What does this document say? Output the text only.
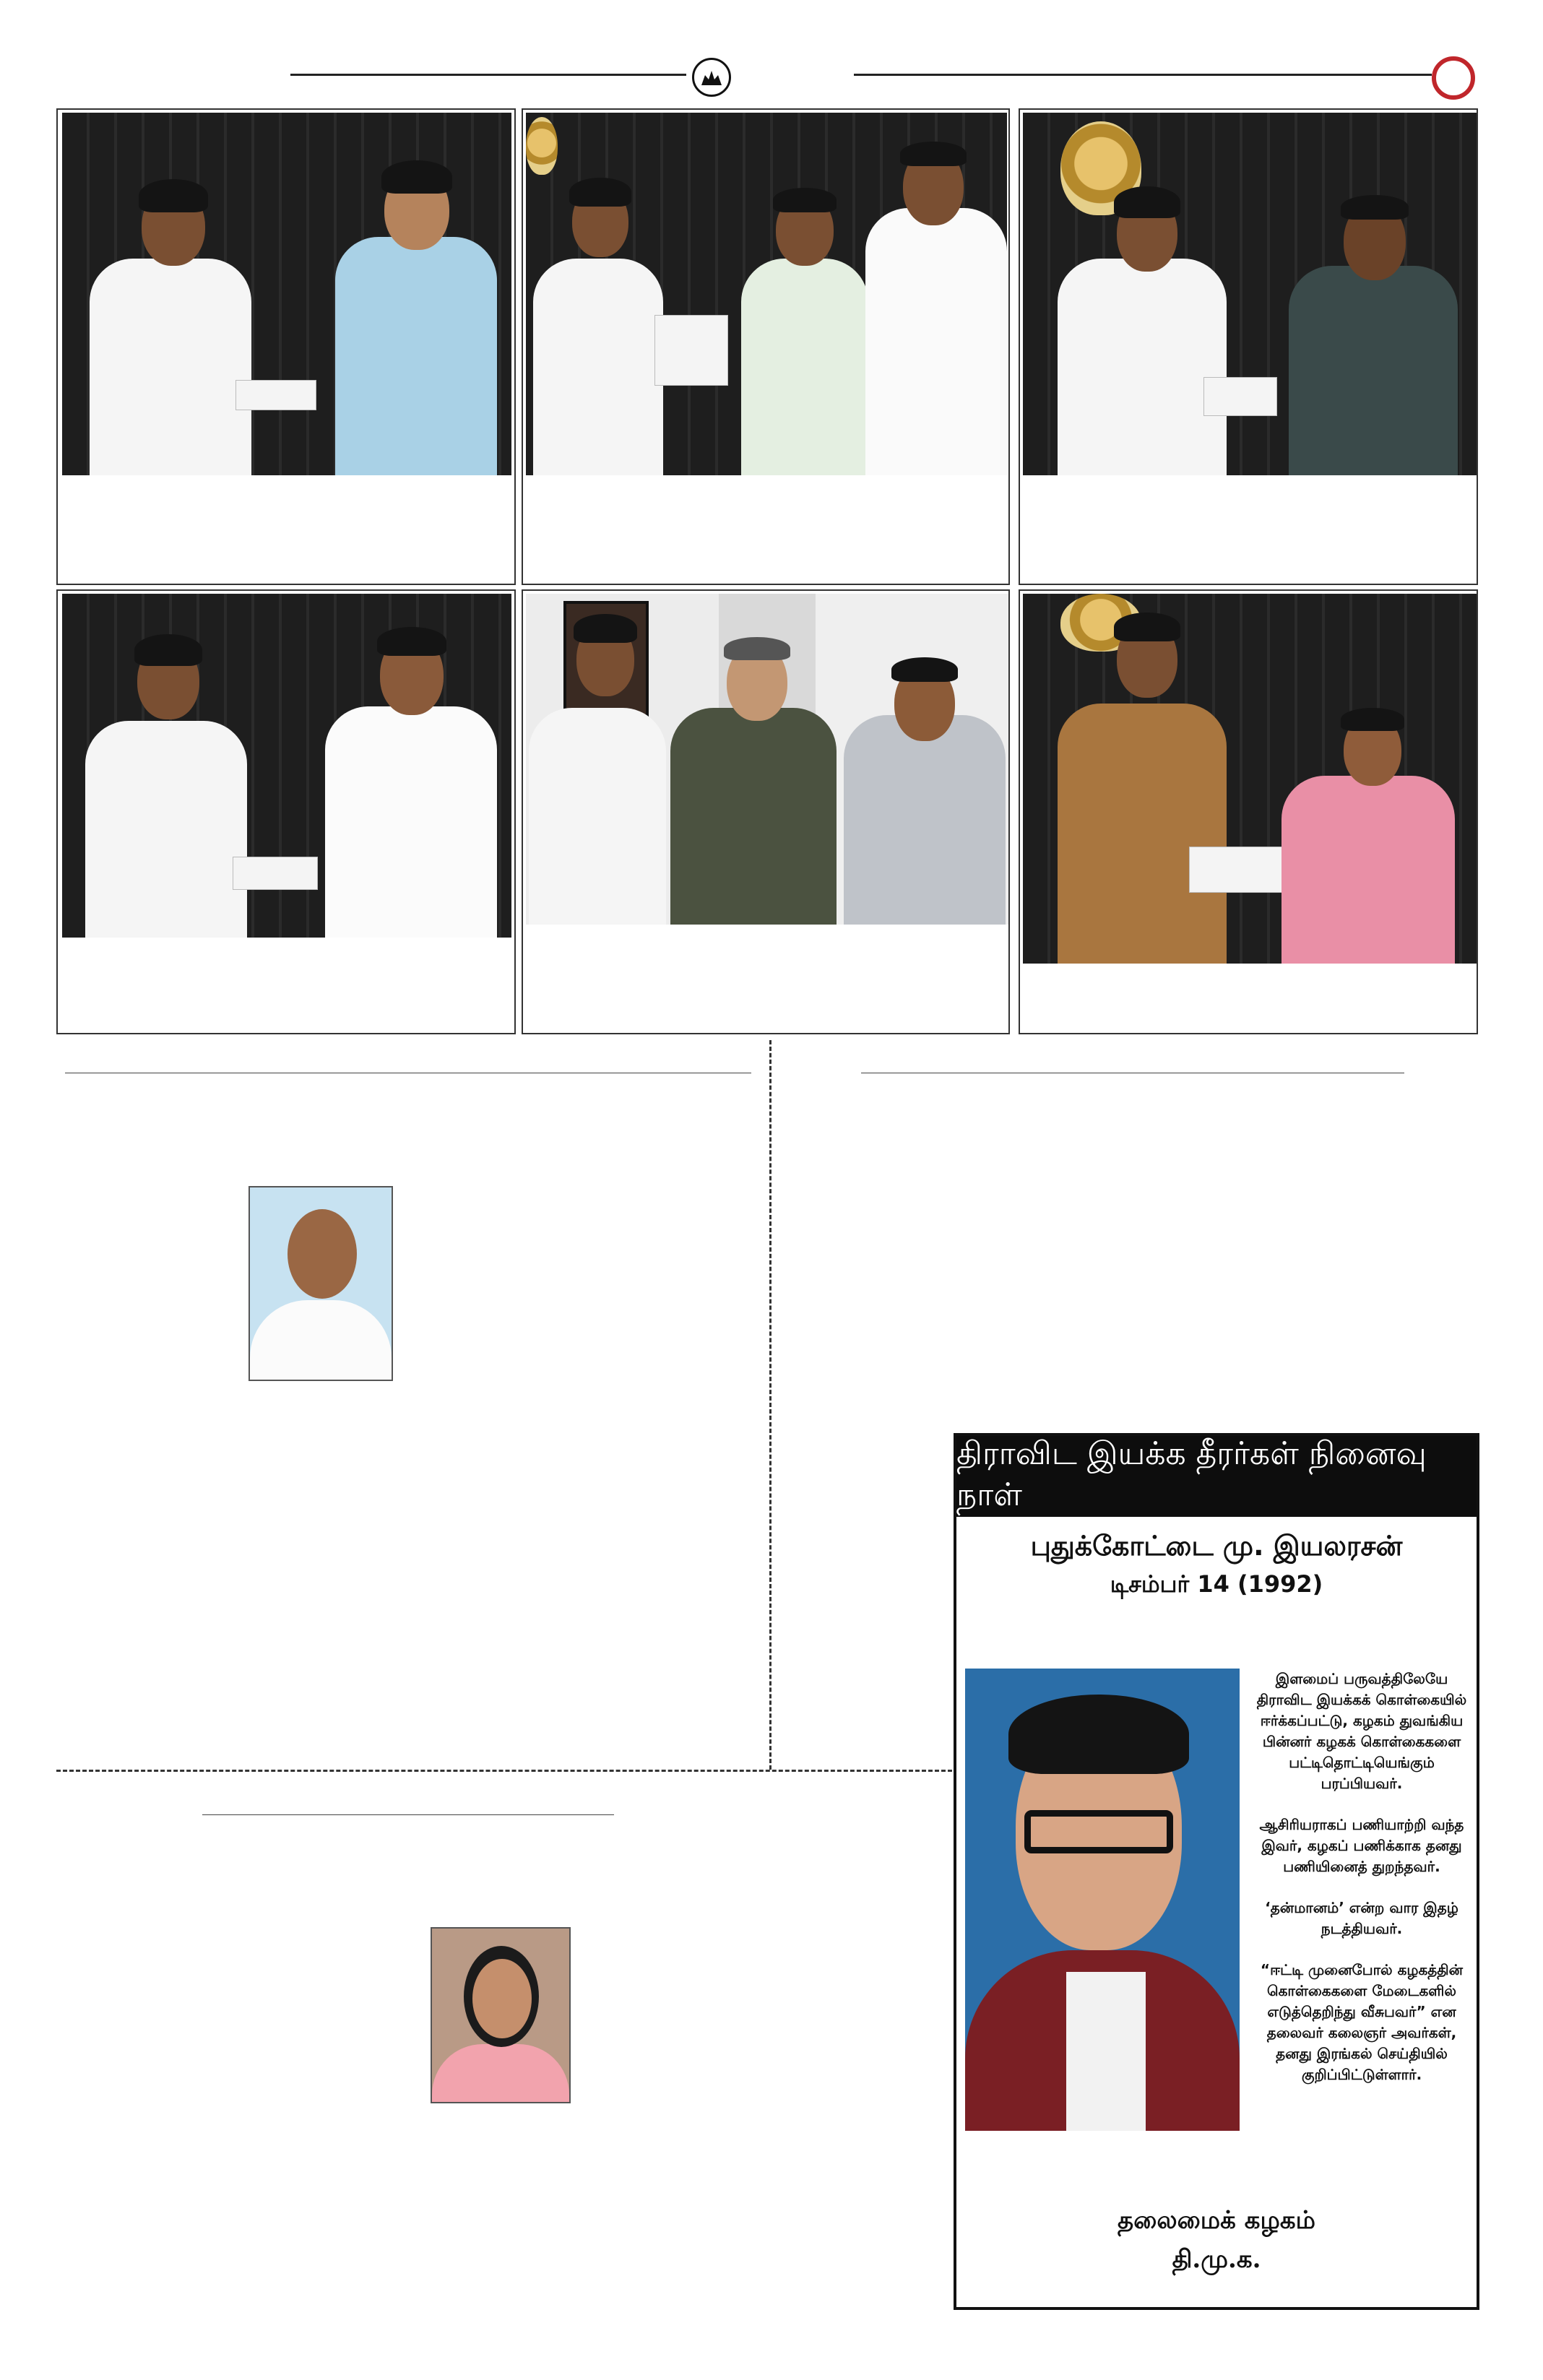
திராவிட இயக்க தீரர்கள் நினைவு நாள்
புதுக்கோட்டை மு. இயலரசன்
டிசம்பர் 14 (1992)

இளமைப் பருவத்திலேயே திராவிட இயக்கக் கொள்கையில் ஈர்க்கப்பட்டு, கழகம் துவங்கிய பின்னர் கழகக் கொள்கைகளை பட்டிதொட்டியெங்கும் பரப்பியவர்.

ஆசிரியராகப் பணியாற்றி வந்த இவர், கழகப் பணிக்காக தனது பணியினைத் துறந்தவர்.

‘தன்மானம்’ என்ற வார இதழ் நடத்தியவர்.

“ஈட்டி முனைபோல் கழகத்தின் கொள்கைகளை மேடைகளில் எடுத்தெறிந்து வீசுபவர்” என தலைவர் கலைஞர் அவர்கள், தனது இரங்கல் செய்தியில் குறிப்பிட்டுள்ளார்.

தலைமைக் கழகம்
தி.மு.க.
